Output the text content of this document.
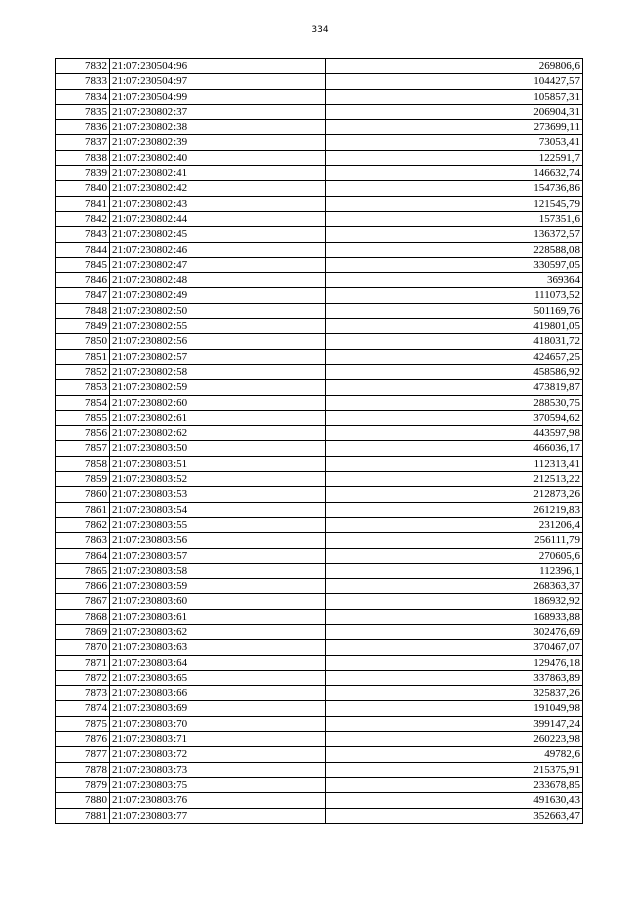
334
7832	21:07:230504:96	269806,6
7833	21:07:230504:97	104427,57
7834	21:07:230504:99	105857,31
7835	21:07:230802:37	206904,31
7836	21:07:230802:38	273699,11
7837	21:07:230802:39	73053,41
7838	21:07:230802:40	122591,7
7839	21:07:230802:41	146632,74
7840	21:07:230802:42	154736,86
7841	21:07:230802:43	121545,79
7842	21:07:230802:44	157351,6
7843	21:07:230802:45	136372,57
7844	21:07:230802:46	228588,08
7845	21:07:230802:47	330597,05
7846	21:07:230802:48	369364
7847	21:07:230802:49	111073,52
7848	21:07:230802:50	501169,76
7849	21:07:230802:55	419801,05
7850	21:07:230802:56	418031,72
7851	21:07:230802:57	424657,25
7852	21:07:230802:58	458586,92
7853	21:07:230802:59	473819,87
7854	21:07:230802:60	288530,75
7855	21:07:230802:61	370594,62
7856	21:07:230802:62	443597,98
7857	21:07:230803:50	466036,17
7858	21:07:230803:51	112313,41
7859	21:07:230803:52	212513,22
7860	21:07:230803:53	212873,26
7861	21:07:230803:54	261219,83
7862	21:07:230803:55	231206,4
7863	21:07:230803:56	256111,79
7864	21:07:230803:57	270605,6
7865	21:07:230803:58	112396,1
7866	21:07:230803:59	268363,37
7867	21:07:230803:60	186932,92
7868	21:07:230803:61	168933,88
7869	21:07:230803:62	302476,69
7870	21:07:230803:63	370467,07
7871	21:07:230803:64	129476,18
7872	21:07:230803:65	337863,89
7873	21:07:230803:66	325837,26
7874	21:07:230803:69	191049,98
7875	21:07:230803:70	399147,24
7876	21:07:230803:71	260223,98
7877	21:07:230803:72	49782,6
7878	21:07:230803:73	215375,91
7879	21:07:230803:75	233678,85
7880	21:07:230803:76	491630,43
7881	21:07:230803:77	352663,47
